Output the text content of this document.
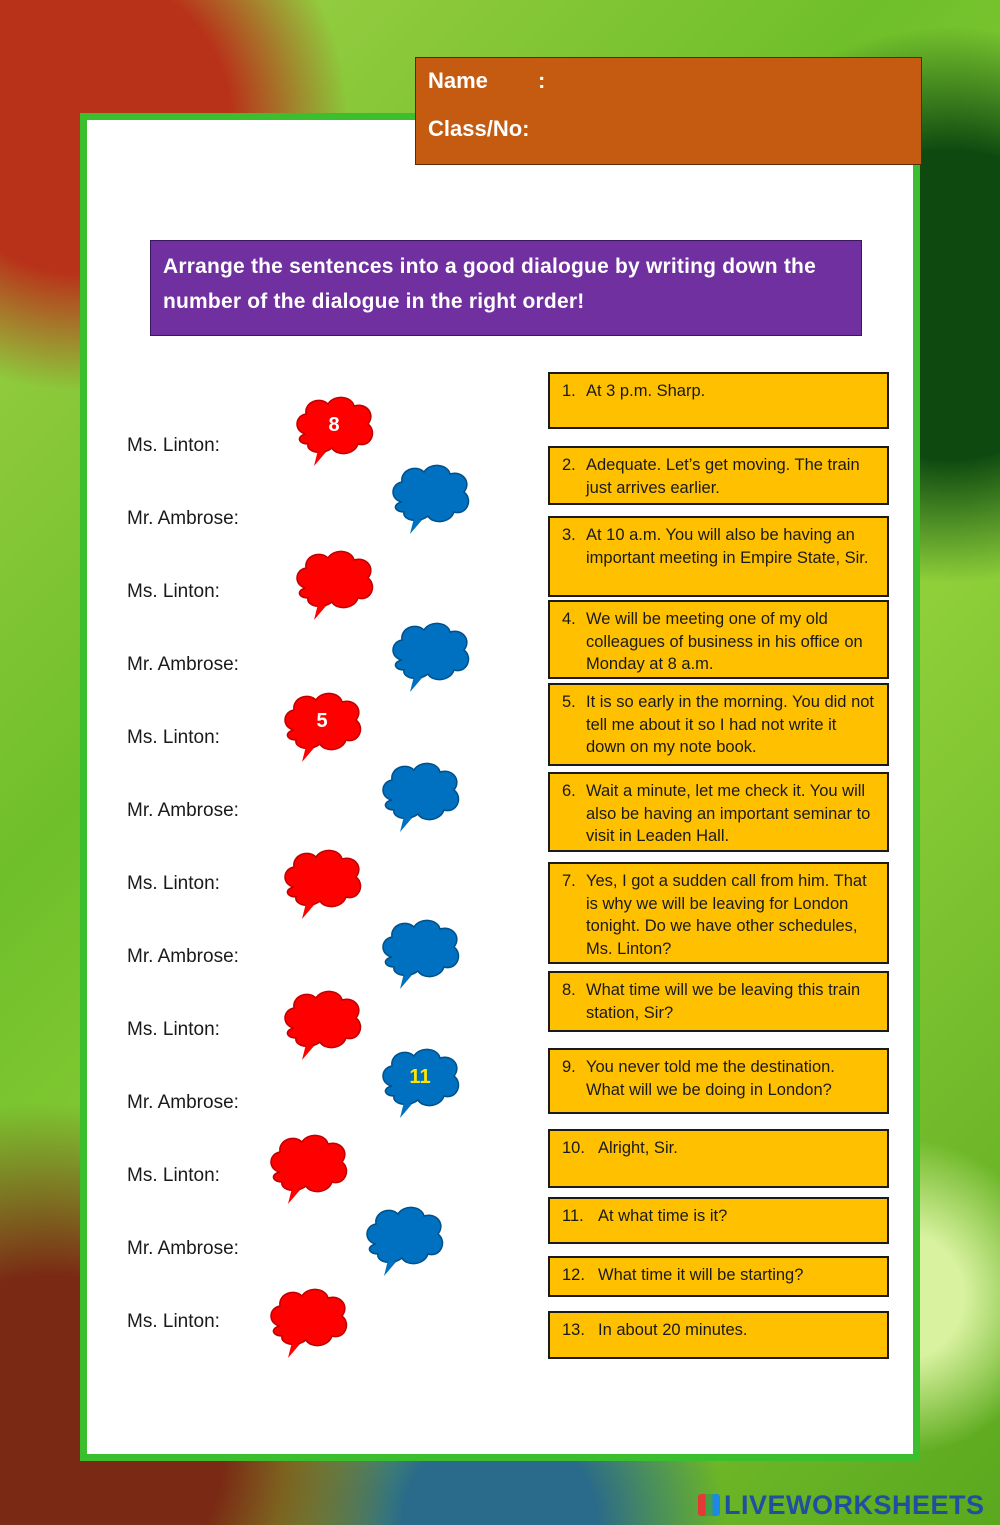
Name :
Class/No:
Arrange the sentences into a good dialogue by writing down the number of the dialogue in the right order!
Ms. Linton:
Mr. Ambrose:
Ms. Linton:
Mr. Ambrose:
Ms. Linton:
Mr. Ambrose:
Ms. Linton:
Mr. Ambrose:
Ms. Linton:
Mr. Ambrose:
Ms. Linton:
Mr. Ambrose:
Ms. Linton:
8
5
11
1. At 3 p.m. Sharp.
2. Adequate. Let’s get moving. The train just arrives earlier.
3. At 10 a.m. You will also be having an important meeting in Empire State, Sir.
4. We will be meeting one of my old colleagues of business in his office on Monday at 8 a.m.
5. It is so early in the morning. You did not tell me about it so I had not write it down on my note book.
6. Wait a minute, let me check it. You will also be having an important seminar to visit in Leaden Hall.
7. Yes, I got a sudden call from him. That is why we will be leaving for London tonight. Do we have other schedules, Ms. Linton?
8. What time will we be leaving this train station, Sir?
9. You never told me the destination. What will we be doing in London?
10. Alright, Sir.
11. At what time is it?
12. What time it will be starting?
13. In about 20 minutes.
LIVEWORKSHEETS
